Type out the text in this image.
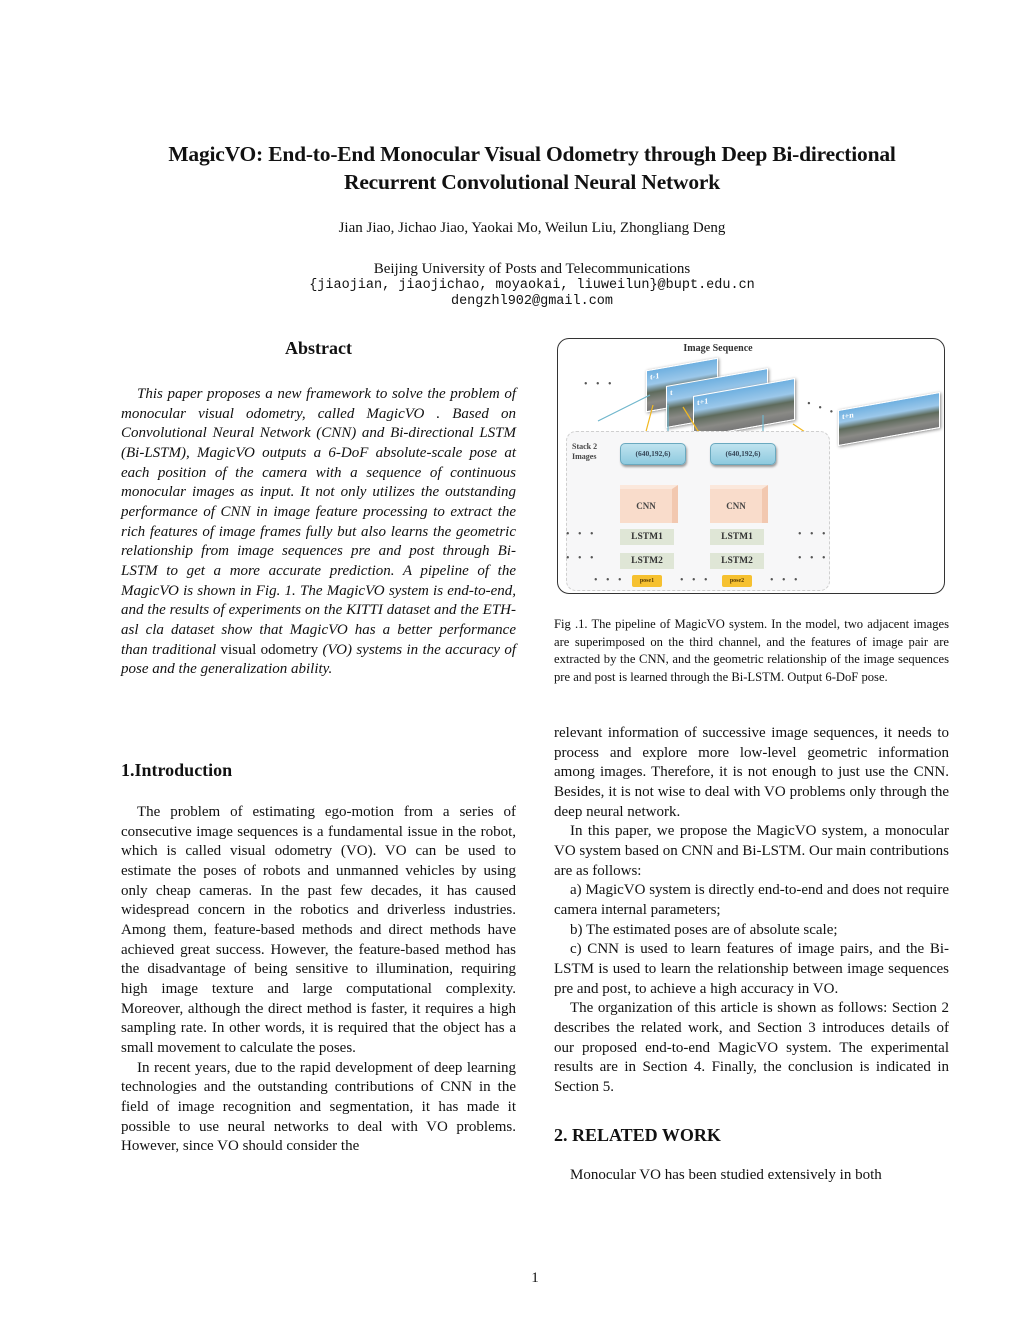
MagicVO: End-to-End Monocular Visual Odometry through Deep Bi-directional
Recurrent Convolutional Neural Network
Jian Jiao, Jichao Jiao, Yaokai Mo, Weilun Liu, Zhongliang Deng
Beijing University of Posts and Telecommunications
{jiaojian, jiaojichao, moyaokai, liuweilun}@bupt.edu.cn
dengzhl902@gmail.com
Abstract

This paper proposes a new framework to solve the problem of monocular visual odometry, called MagicVO . Based on Convolutional Neural Network (CNN) and Bi-directional LSTM (Bi-LSTM), MagicVO outputs a 6-DoF absolute-scale pose at each position of the camera with a sequence of continuous monocular images as input. It not only utilizes the outstanding performance of CNN in image feature processing to extract the rich features of image frames fully but also learns the geometric relationship from image sequences pre and post through Bi-LSTM to get a more accurate prediction. A pipeline of the MagicVO is shown in Fig. 1. The MagicVO system is end-to-end, and the results of experiments on the KITTI dataset and the ETH-asl cla dataset show that MagicVO has a better performance than traditional visual odometry (VO) systems in the accuracy of pose and the generalization ability.

1.Introduction

The problem of estimating ego-motion from a series of consecutive image sequences is a fundamental issue in the robot, which is called visual odometry (VO). VO can be used to estimate the poses of robots and unmanned vehicles by using only cheap cameras. In the past few decades, it has caused widespread concern in the robotics and driverless industries. Among them, feature-based methods and direct methods have achieved great success. However, the feature-based method has the disadvantage of being sensitive to illumination, requiring high image texture and large computational complexity. Moreover, although the direct method is faster, it requires a high sampling rate. In other words, it is required that the object has a small movement to calculate the poses.

In recent years, due to the rapid development of deep learning technologies and the outstanding contributions of CNN in the field of image recognition and segmentation, it has made it possible to use neural networks to deal with VO problems. However, since VO should consider the

Image Sequence
• • •
t-1
t
t+1	• • • t+n
Stack 2 Images	(640,192,6)	(640,192,6)
CNN	CNN
• • •	LSTM1	LSTM1	• • •
• • •	LSTM2	LSTM2	• • •
• • •	pose1	• • •	pose2	• • •
Fig .1. The pipeline of MagicVO system. In the model, two adjacent images are superimposed on the third channel, and the features of image pair are extracted by the CNN, and the geometric relationship of the image sequences pre and post is learned through the Bi-LSTM. Output 6-DoF pose.

relevant information of successive image sequences, it needs to process and explore more low-level geometric information among images. Therefore, it is not enough to just use the CNN. Besides, it is not wise to deal with VO problems only through the deep neural network.

In this paper, we propose the MagicVO system, a monocular VO system based on CNN and Bi-LSTM. Our main contributions are as follows:

a) MagicVO system is directly end-to-end and does not require camera internal parameters;

b) The estimated poses are of absolute scale;

c) CNN is used to learn features of image pairs, and the Bi-LSTM is used to learn the relationship between image sequences pre and post, to achieve a high accuracy in VO.

The organization of this article is shown as follows: Section 2 describes the related work, and Section 3 introduces details of our proposed end-to-end MagicVO system. The experimental results are in Section 4. Finally, the conclusion is indicated in Section 5.

2. RELATED WORK
Monocular VO has been studied extensively in both
1
